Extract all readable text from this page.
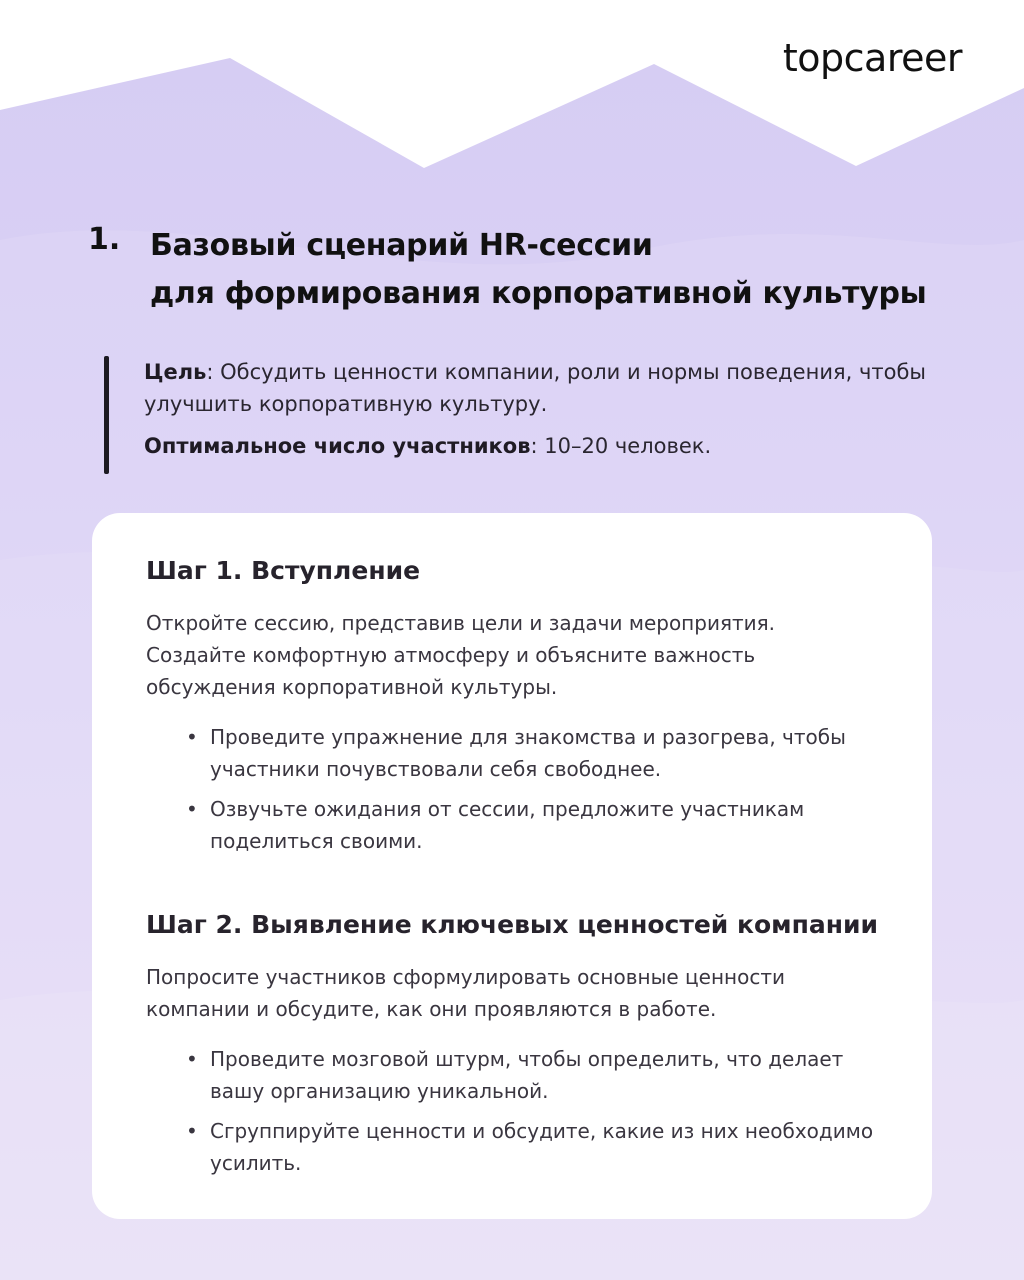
topcareer

1. Базовый сценарий HR-сессии
для формирования корпоративной культуры

Цель: Обсудить ценности компании, роли и нормы поведения, чтобы улучшить корпоративную культуру.

Оптимальное число участников: 10–20 человек.

Шаг 1. Вступление

Откройте сессию, представив цели и задачи мероприятия. Создайте комфортную атмосферу и объясните важность обсуждения корпоративной культуры.

• Проведите упражнение для знакомства и разогрева, чтобы участники почувствовали себя свободнее.
• Озвучьте ожидания от сессии, предложите участникам поделиться своими.
Шаг 2. Выявление ключевых ценностей компании

Попросите участников сформулировать основные ценности компании и обсудите, как они проявляются в работе.

• Проведите мозговой штурм, чтобы определить, что делает вашу организацию уникальной.
• Сгруппируйте ценности и обсудите, какие из них необходимо усилить.
